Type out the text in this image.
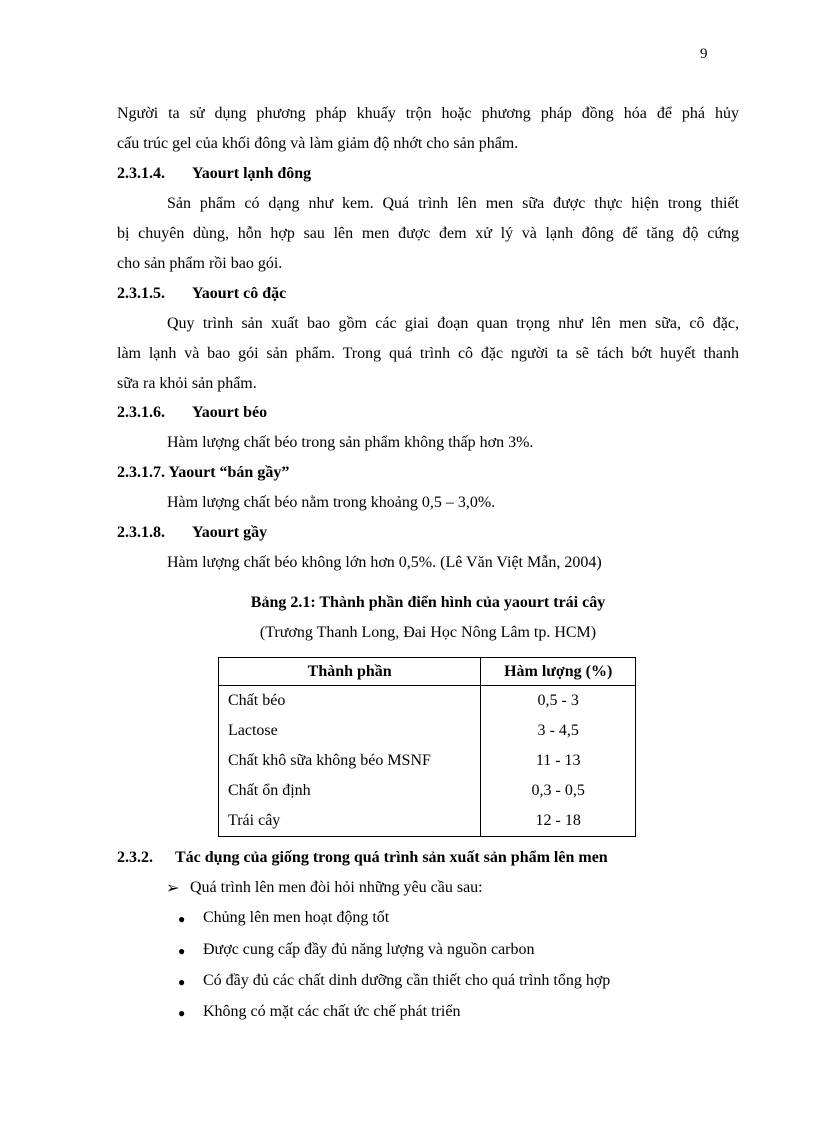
9
Người ta sử dụng phương pháp khuấy trộn hoặc phương pháp đồng hóa để phá hủy
cấu trúc gel của khối đông và làm giảm độ nhớt cho sản phẩm.
2.3.1.4. Yaourt lạnh đông
Sản phẩm có dạng như kem. Quá trình lên men sữa được thực hiện trong thiết
bị chuyên dùng, hỗn hợp sau lên men được đem xử lý và lạnh đông để tăng độ cứng
cho sản phẩm rồi bao gói.
2.3.1.5. Yaourt cô đặc
Quy trình sản xuất bao gồm các giai đoạn quan trọng như lên men sữa, cô đặc,
làm lạnh và bao gói sản phẩm. Trong quá trình cô đặc người ta sẽ tách bớt huyết thanh
sữa ra khỏi sản phẩm.
2.3.1.6. Yaourt béo
Hàm lượng chất béo trong sản phẩm không thấp hơn 3%.
2.3.1.7. Yaourt “bán gầy”
Hàm lượng chất béo nằm trong khoảng 0,5 – 3,0%.
2.3.1.8. Yaourt gầy
Hàm lượng chất béo không lớn hơn 0,5%. (Lê Văn Việt Mẫn, 2004)
Bảng 2.1: Thành phần điển hình của yaourt trái cây
(Trương Thanh Long, Đai Học Nông Lâm tp. HCM)
Thành phần	Hàm lượng (%)
Chất béo	0,5 - 3
Lactose	3 - 4,5
Chất khô sữa không béo MSNF	11 - 13
Chất ổn định	0,3 - 0,5
Trái cây	12 - 18
2.3.2. Tác dụng của giống trong quá trình sản xuất sản phẩm lên men
➢ Quá trình lên men đòi hỏi những yêu cầu sau:
● Chủng lên men hoạt động tốt
● Được cung cấp đầy đủ năng lượng và nguồn carbon
● Có đầy đủ các chất dinh dưỡng cần thiết cho quá trình tổng hợp
● Không có mặt các chất ức chế phát triển
